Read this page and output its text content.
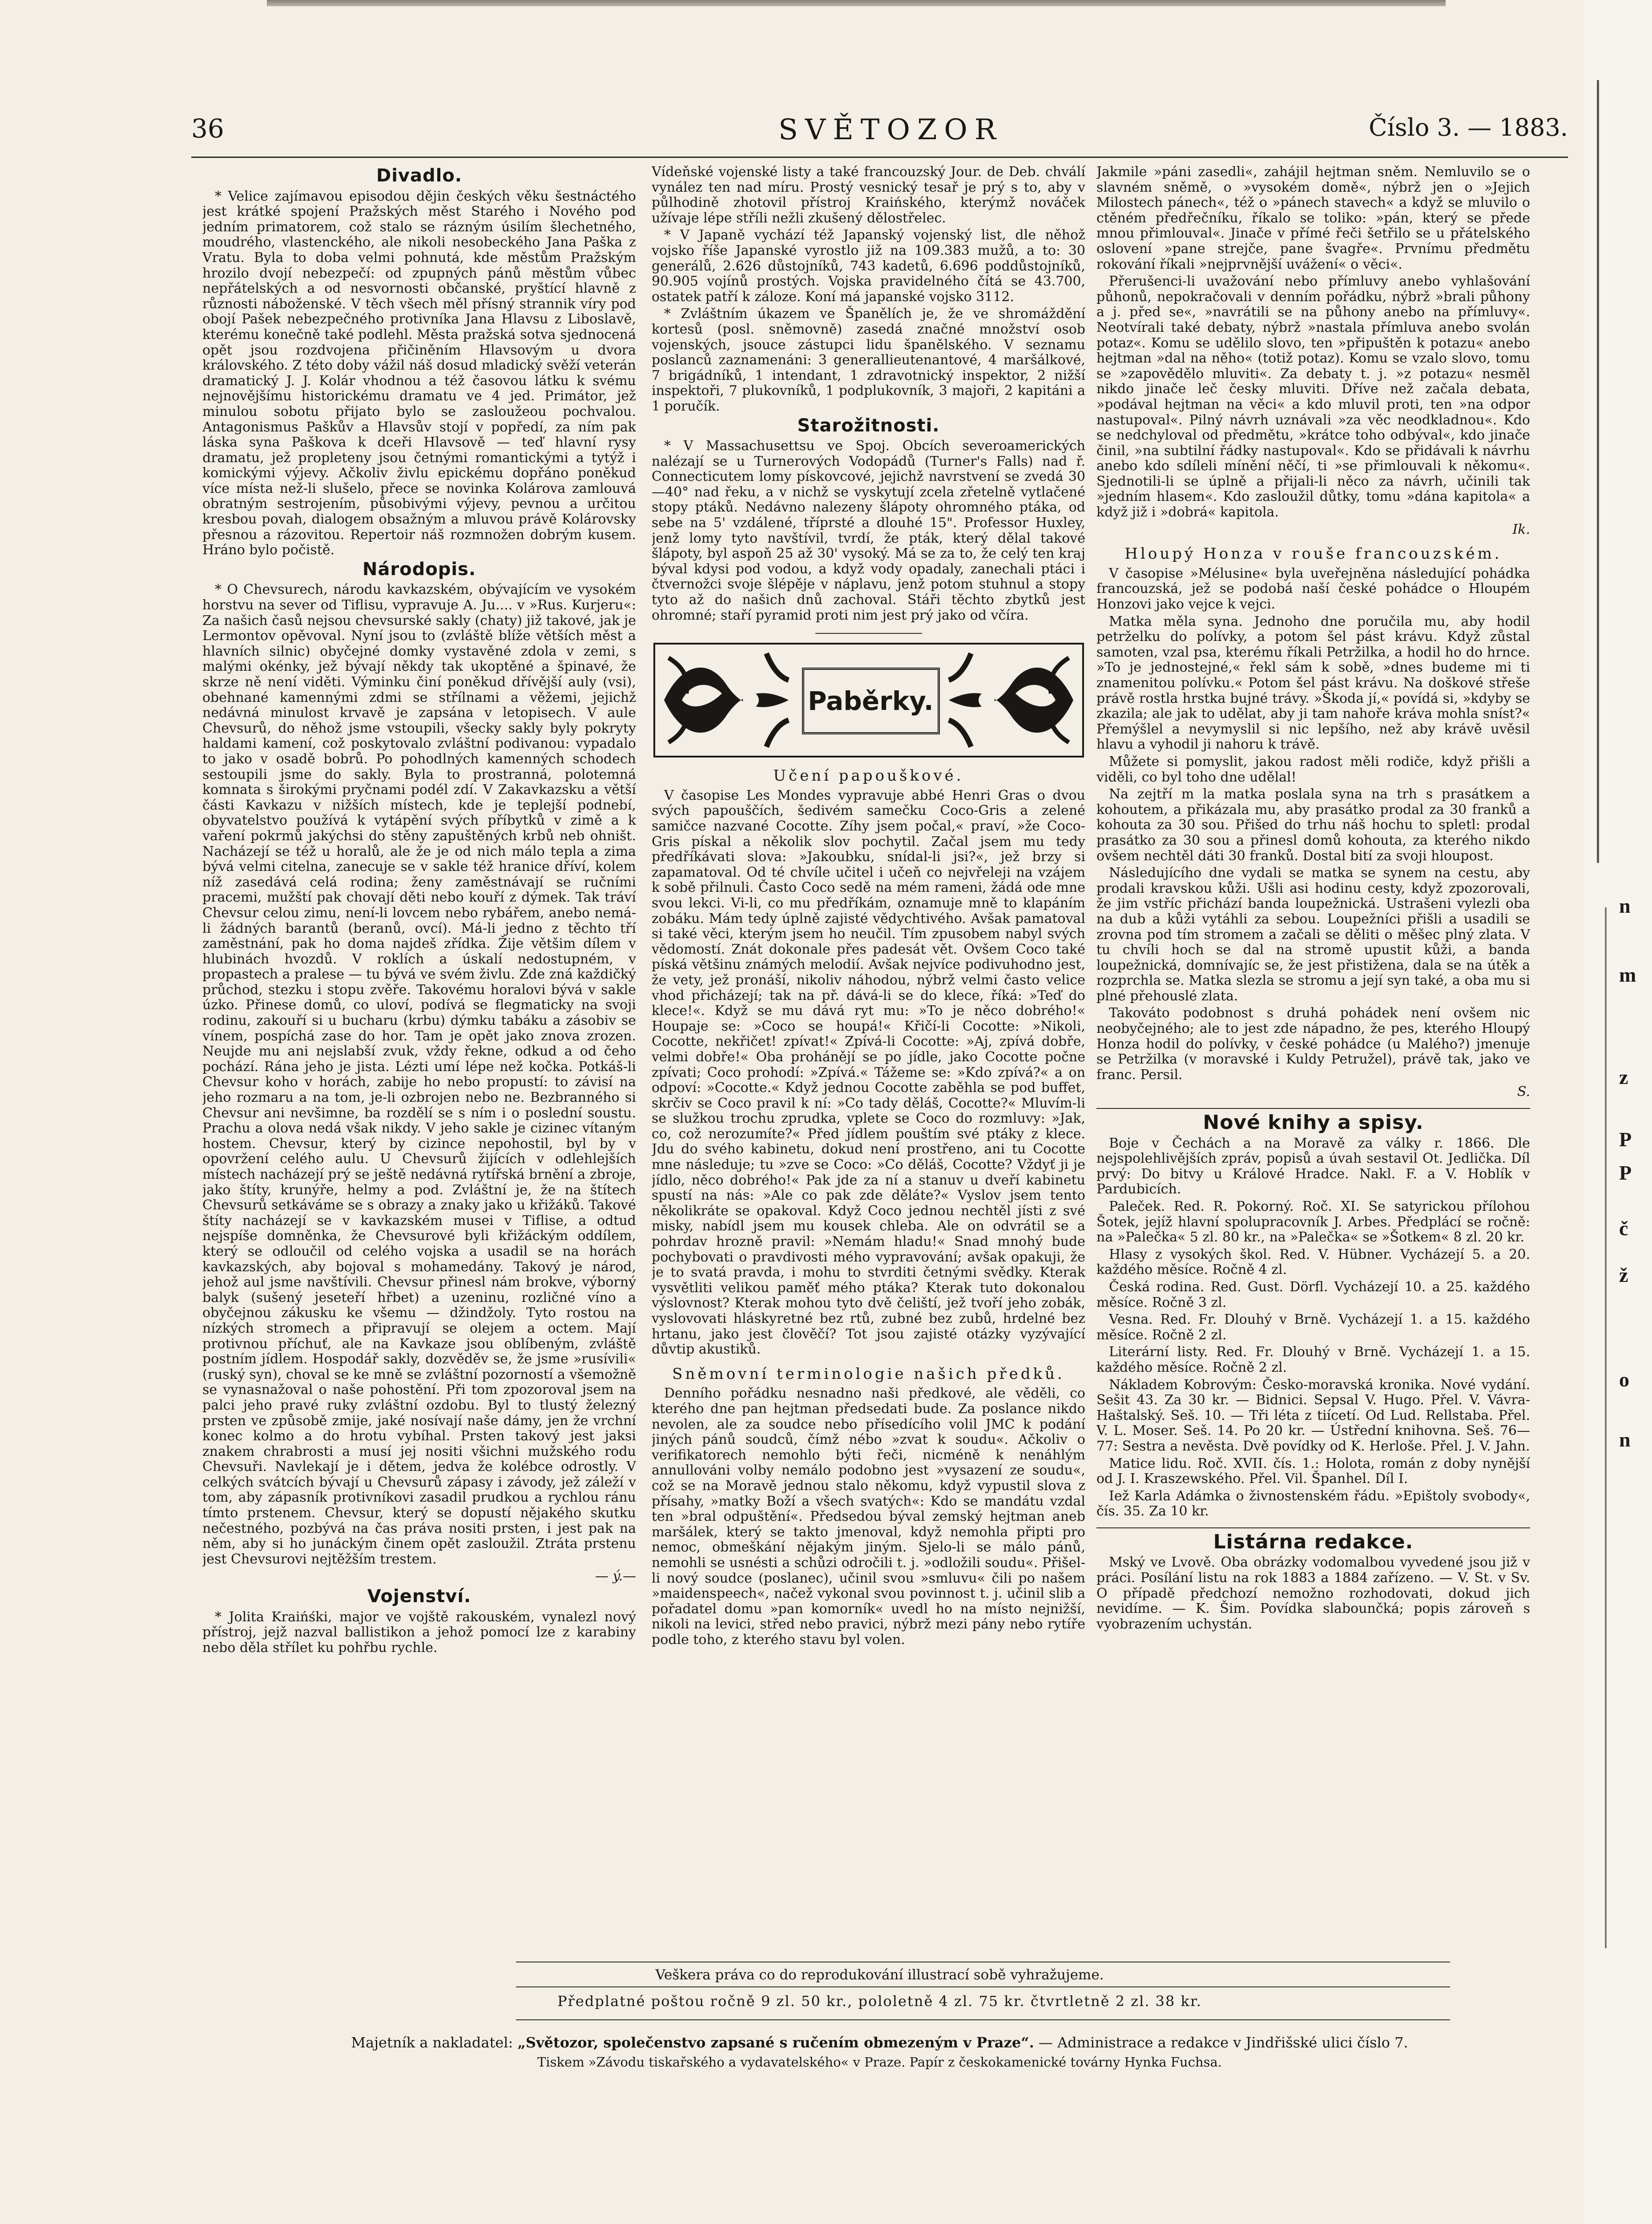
36	SVĚTOZOR	Číslo 3. — 1883.
Divadlo.

* Velice zajímavou episodou dějin českých věku šestnáctého jest krátké spojení Pražských měst Starého i Nového pod jedním primatorem, což stalo se rázným úsilím šlechetného, moudrého, vlastenckého, ale nikoli nesobeckého Jana Paška z Vratu. Byla to doba velmi pohnutá, kde městům Pražským hrozilo dvojí nebezpečí: od zpupných pánů městům vůbec nepřátelských a od nesvornosti občanské, pryštící hlavně z různosti náboženské. V těch všech měl přísný strannik víry pod obojí Pašek nebezpečného protivníka Jana Hlavsu z Liboslavě, kterému konečně také podlehl. Města pražská sotva sjednocená opět jsou rozdvojena přičiněním Hlavsovým u dvora královského. Z této doby vážil náš dosud mladický svěží veterán dramatický J. J. Kolár vhodnou a též časovou látku k svému nejnovějšímu historickému dramatu ve 4 jed. Primátor, jež minulou sobotu přijato bylo se zasloužeou pochvalou. Antagonismus Paškův a Hlavsův stojí v popředí, za ním pak láska syna Paškova k dceři Hlavsově — teď hlavní rysy dramatu, jež propleteny jsou četnými romantickými a tytýž i komickými výjevy. Ačkoliv živlu epickému dopřáno poněkud více místa než-li slušelo, přece se novinka Kolárova zamlouvá obratným sestrojením, působivými výjevy, pevnou a určitou kresbou povah, dialogem obsažným a mluvou právě Kolárovsky přesnou a rázovitou. Repertoir náš rozmnožen dobrým kusem. Hráno bylo počistě.

Národopis.

* O Chevsurech, národu kavkazském, obývajícím ve vysokém horstvu na sever od Tiflisu, vypravuje A. Ju.... v »Rus. Kurjeru«: Za našich časů nejsou chevsurské sakly (chaty) již takové, jak je Lermontov opěvoval. Nyní jsou to (zvláště blíže větších měst a hlavních silnic) obyčejné domky vystavěné zdola v zemi, s malými okénky, jež bývají někdy tak ukoptěné a špinavé, že skrze ně není viděti. Výminku činí poněkud dřívější auly (vsi), obehnané kamennými zdmi se střílnami a věžemi, jejichž nedávná minulost krvavě je zapsána v letopisech. V aule Chevsurů, do něhož jsme vstoupili, všecky sakly byly pokryty haldami kamení, což poskytovalo zvláštní podivanou: vypadalo to jako v osadě bobrů. Po pohodlných kamenných schodech sestoupili jsme do sakly. Byla to prostranná, polotemná komnata s širokými pryčnami podél zdí. V Zakavkazsku a větší části Kavkazu v nižších místech, kde je teplejší podnebí, obyvatelstvo používá k vytápění svých příbytků v zimě a k vaření pokrmů jakýchsi do stěny zapuštěných krbů neb ohništ. Nacházejí se též u horalů, ale že je od nich málo tepla a zima bývá velmi citelna, zanecuje se v sakle též hranice dříví, kolem níž zasedává celá rodina; ženy zaměstnávají se ručními pracemi, mužští pak chovají děti nebo kouří z dýmek. Tak tráví Chevsur celou zimu, není-li lovcem nebo rybářem, anebo nemá-li žádných barantů (beranů, ovcí). Má-li jedno z těchto tří zaměstnání, pak ho doma najdeš zřídka. Žije většim dílem v hlubinách hvozdů. V roklích a úskalí nedostupném, v propastech a pralese — tu bývá ve svém živlu. Zde zná každičký průchod, stezku i stopu zvěře. Takovému horalovi bývá v sakle úzko. Přinese domů, co uloví, podívá se flegmaticky na svoji rodinu, zakouří si u bucharu (krbu) dýmku tabáku a zásobiv se vínem, pospíchá zase do hor. Tam je opět jako znova zrozen. Neujde mu ani nejslabší zvuk, vždy řekne, odkud a od čeho pochází. Rána jeho je jista. Lézti umí lépe než kočka. Potkáš-li Chevsur koho v horách, zabije ho nebo propustí: to závisí na jeho rozmaru a na tom, je-li ozbrojen nebo ne. Bezbranného si Chevsur ani nevšimne, ba rozdělí se s ním i o poslední soustu. Prachu a olova nedá však nikdy. V jeho sakle je cizinec vítaným hostem. Chevsur, který by cizince nepohostil, byl by v opovržení celého aulu. U Chevsurů žijících v odlehlejších místech nacházejí prý se ještě nedávná rytířská brnění a zbroje, jako štíty, krunýře, helmy a pod. Zvláštní je, že na štítech Chevsurů setkáváme se s obrazy a znaky jako u křižáků. Takové štíty nacházejí se v kavkazském musei v Tiflise, a odtud nejspíše domněnka, že Chevsurové byli křižáckým oddílem, který se odloučil od celého vojska a usadil se na horách kavkazských, aby bojoval s mohamedány. Takový je národ, jehož aul jsme navštívili. Chevsur přinesl nám brokve, výborný balyk (sušený jeseteří hřbet) a uzeninu, rozličné víno a obyčejnou zákusku ke všemu — džindžoly. Tyto rostou na nízkých stromech a připravují se olejem a octem. Mají protivnou příchuť, ale na Kavkaze jsou oblíbeným, zvláště postním jídlem. Hospodář sakly, dozvěděv se, že jsme »rusívili« (ruský syn), choval se ke mně se zvláštní pozorností a všemožně se vynasnažoval o naše pohostění. Při tom zpozoroval jsem na palci jeho pravé ruky zvláštní ozdobu. Byl to tlustý železný prsten ve způsobě zmije, jaké nosívají naše dámy, jen že vrchní konec kolmo a do hrotu vybíhal. Prsten takový jest jaksi znakem chrabrosti a musí jej nositi všichni mužského rodu Chevsuři. Navlekají je i dětem, jedva že kolébce odrostly. V celkých svátcích bývají u Chevsurů zápasy i závody, jež záleží v tom, aby zápasník protivníkovi zasadil prudkou a rychlou ránu tímto prstenem. Chevsur, který se dopustí nějakého skutku nečestného, pozbývá na čas práva nositi prsten, i jest pak na něm, aby si ho junáckým činem opět zasloužil. Ztráta prstenu jest Chevsurovi nejtěžším trestem.

— ý.—
Vojenství.

* Jolita Kraińśki, major ve vojště rakouském, vynalezl nový přístroj, jejž nazval ballistikon a jehož pomocí lze z karabiny nebo děla střílet ku pohřbu rychle.

Vídeňské vojenské listy a také francouzský Jour. de Deb. chválí vynález ten nad míru. Prostý vesnický tesař je prý s to, aby v půlhodině zhotovil přístroj Kraińského, kterýmž nováček užívaje lépe stříli nežli zkušený dělostřelec.

* V Japaně vychází též Japanský vojenský list, dle něhož vojsko říše Japanské vyrostlo již na 109.383 mužů, a to: 30 generálů, 2.626 důstojníků, 743 kadetů, 6.696 poddůstojníků, 90.905 vojínů prostých. Vojska pravidelného čítá se 43.700, ostatek patří k záloze. Koní má japanské vojsko 3112.

* Zvláštním úkazem ve Španělích je, že ve shromáždění kortesů (posl. sněmovně) zasedá značné množství osob vojenských, jsouce zástupci lidu španělského. V seznamu poslanců zaznamenáni: 3 generallieutenantové, 4 maršálkové, 7 brigádníků, 1 intendant, 1 zdravotnický inspektor, 2 nižší inspektoři, 7 plukovníků, 1 podplukovník, 3 majoři, 2 kapitáni a 1 poručík.

Starožitnosti.

* V Massachusettsu ve Spoj. Obcích severoamerických nalézají se u Turnerových Vodopádů (Turner's Falls) nad ř. Connecticutem lomy pískovcové, jejichž navrstvení se zvedá 30—40° nad řeku, a v nichž se vyskytují zcela zřetelně vytlačené stopy ptáků. Nedávno nalezeny šlápoty ohromného ptáka, od sebe na 5' vzdálené, tříprsté a dlouhé 15". Professor Huxley, jenž lomy tyto navštívil, tvrdí, že pták, který dělal takové šlápoty, byl aspoň 25 až 30' vysoký. Má se za to, že celý ten kraj býval kdysi pod vodou, a když vody opadaly, zanechali ptáci i čtvernožci svoje šlépěje v náplavu, jenž potom stuhnul a stopy tyto až do našich dnů zachoval. Stáři těchto zbytků jest ohromné; staří pyramid proti nim jest prý jako od včíra.

Paběrky.
Učení papouškové.

V časopise Les Mondes vypravuje abbé Henri Gras o dvou svých papouščích, šedivém samečku Coco-Gris a zelené samičce nazvané Cocotte. Zíhy jsem počal,« praví, »že Coco-Gris pískal a několik slov pochytil. Začal jsem mu tedy předříkávati slova: »Jakoubku, snídal-li jsi?«, jež brzy si zapamatoval. Od té chvíle učitel i učeň co nejvřeleji na vzájem k sobě přilnuli. Často Coco sedě na mém rameni, žádá ode mne svou lekci. Vi-li, co mu předříkám, oznamuje mně to klapáním zobáku. Mám tedy úplně zajisté vědychtivého. Avšak pamatoval si také věci, kterým jsem ho neučil. Tím zpusobem nabyl svých vědomostí. Znát dokonale přes padesát vět. Ovšem Coco také píská většinu známých melodií. Avšak nejvíce podivuhodno jest, že vety, jež pronáší, nikoliv náhodou, nýbrž velmi často velice vhod přicházejí; tak na př. dává-li se do klece, říká: »Teď do klece!«. Když se mu dává ryt mu: »To je něco dobrého!« Houpaje se: »Coco se houpá!« Křičí-li Cocotte: »Nikoli, Cocotte, nekřičet! zpívat!« Zpívá-li Cocotte: »Aj, zpívá dobře, velmi dobře!« Oba prohánějí se po jídle, jako Cocotte počne zpívati; Coco prohodí: »Zpívá.« Tážeme se: »Kdo zpívá?« a on odpoví: »Cocotte.« Když jednou Cocotte zaběhla se pod buffet, skrčiv se Coco pravil k ní: »Co tady děláš, Cocotte?« Mluvím-li se služkou trochu zprudka, vplete se Coco do rozmluvy: »Jak, co, což nerozumíte?« Před jídlem pouštím své ptáky z klece. Jdu do svého kabinetu, dokud není prostřeno, ani tu Cocotte mne následuje; tu »zve se Coco: »Co děláš, Cocotte? Vždyť ji je jídlo, něco dobrého!« Pak jde za ní a stanuv u dveří kabinetu spustí na nás: »Ale co pak zde děláte?« Vyslov jsem tento několikráte se opakoval. Když Coco jednou nechtěl jísti z své misky, nabídl jsem mu kousek chleba. Ale on odvrátil se a pohrdav hrozně pravil: »Nemám hladu!« Snad mnohý bude pochybovati o pravdivosti mého vypravování; avšak opakuji, že je to svatá pravda, i mohu to stvrditi četnými svědky. Kterak vysvětliti velikou paměť mého ptáka? Kterak tuto dokonalou výslovnost? Kterak mohou tyto dvě čeliští, jež tvoří jeho zobák, vyslovovati hláskyretné bez rtů, zubné bez zubů, hrdelné bez hrtanu, jako jest člověčí? Tot jsou zajisté otázky vyzývající důvtip akustiků.

Sněmovní terminologie našich předků.

Denního pořádku nesnadno naši předkové, ale věděli, co kterého dne pan hejtman předsedati bude. Za poslance nikdo nevolen, ale za soudce nebo přísedícího volil JMC k podání jiných pánů soudců, čímž nébo »zvat k soudu«. Ačkoliv o verifikatorech nemohlo býti řeči, nicméně k nenáhlým annullováni volby nemálo podobno jest »vysazení ze soudu«, což se na Moravě jednou stalo někomu, když vypustil slova z přísahy, »matky Boží a všech svatých«: Kdo se mandátu vzdal ten »bral odpuštění«. Předsedou býval zemský hejtman aneb maršálek, který se takto jmenoval, když nemohla připti pro nemoc, obmeškání nějakým jiným. Sjelo-li se málo pánů, nemohli se usnésti a schůzi odročili t. j. »odložili soudu«. Přišel-li nový soudce (poslanec), učinil svou »smluvu« čili po našem »maidenspeech«, načež vykonal svou povinnost t. j. učinil slib a pořadatel domu »pan komorník« uvedl ho na místo nejnižší, nikoli na levici, střed nebo pravici, nýbrž mezi pány nebo rytíře podle toho, z kterého stavu byl volen.

Jakmile »páni zasedli«, zahájil hejtman sněm. Nemluvilo se o slavném sněmě, o »vysokém domě«, nýbrž jen o »Jejich Milostech pánech«, též o »pánech stavech« a když se mluvilo o ctěném předřečníku, říkalo se toliko: »pán, který se přede mnou přimlouval«. Jinače v přímé řeči šetřilo se u přátelského oslovení »pane strejče, pane švagře«. Prvnímu předmětu rokování říkali »nejprvnější uvážení« o věci«.

Přerušenci-li uvažování nebo přímluvy anebo vyhlašování půhonů, nepokračovali v denním pořádku, nýbrž »brali půhony a j. před se«, »navrátili se na půhony anebo na přímluvy«. Neotvírali také debaty, nýbrž »nastala přímluva anebo svolán potaz«. Komu se udělilo slovo, ten »připuštěn k potazu« anebo hejtman »dal na něho« (totiž potaz). Komu se vzalo slovo, tomu se »zapovědělo mluviti«. Za debaty t. j. »z potazu« nesměl nikdo jinače leč česky mluviti. Dříve než začala debata, »podával hejtman na věci« a kdo mluvil proti, ten »na odpor nastupoval«. Pilný návrh uznávali »za věc neodkladnou«. Kdo se nedchyloval od předmětu, »krátce toho odbýval«, kdo jinače činil, »na subtilní řádky nastupoval«. Kdo se přidávali k návrhu anebo kdo sdíleli mínění něčí, ti »se přimlouvali k někomu«. Sjednotili-li se úplně a přijali-li něco za návrh, učinili tak »jedním hlasem«. Kdo zasloužil důtky, tomu »dána kapitola« a když již i »dobrá« kapitola.

Ik.
Hloupý Honza v rouše francouzském.

V časopise »Mélusine« byla uveřejněna následující pohádka francouzská, jež se podobá naší české pohádce o Hloupém Honzovi jako vejce k vejci.

Matka měla syna. Jednoho dne poručila mu, aby hodil petrželku do polívky, a potom šel pást krávu. Když zůstal samoten, vzal psa, kterému říkali Petržilka, a hodil ho do hrnce. »To je jednostejné,« řekl sám k sobě, »dnes budeme mi ti znamenitou polívku.« Potom šel pást krávu. Na doškové střeše právě rostla hrstka bujné trávy. »Škoda jí,« povídá si, »kdyby se zkazila; ale jak to udělat, aby ji tam nahoře kráva mohla sníst?« Přemýšlel a nevymyslil si nic lepšího, než aby krávě uvěsil hlavu a vyhodil ji nahoru k trávě.

Můžete si pomyslit, jakou radost měli rodiče, když přišli a viděli, co byl toho dne udělal!

Na zejtří m la matka poslala syna na trh s prasátkem a kohoutem, a přikázala mu, aby prasátko prodal za 30 franků a kohouta za 30 sou. Přišed do trhu náš hochu to spletl: prodal prasátko za 30 sou a přinesl domů kohouta, za kterého nikdo ovšem nechtěl dáti 30 franků. Dostal bití za svoji hloupost.

Následujícího dne vydali se matka se synem na cestu, aby prodali kravskou kůži. Ušli asi hodinu cesty, když zpozorovali, že jim vstříc přichází banda loupežnická. Ustrašeni vylezli oba na dub a kůži vytáhli za sebou. Loupežníci přišli a usadili se zrovna pod tím stromem a začali se děliti o měšec plný zlata. V tu chvíli hoch se dal na stromě upustit kůži, a banda loupežnická, domnívajíc se, že jest přistižena, dala se na útěk a rozprchla se. Matka slezla se stromu a její syn také, a oba mu si plné přehouslé zlata.

Takováto podobnost s druhá pohádek není ovšem nic neobyčejného; ale to jest zde nápadno, že pes, kterého Hloupý Honza hodil do polívky, v české pohádce (u Malého?) jmenuje se Petržilka (v moravské i Kuldy Petružel), právě tak, jako ve franc. Persil.

S.
Nové knihy a spisy.

Boje v Čechách a na Moravě za války r. 1866. Dle nejspolehlivějších zpráv, popisů a úvah sestavil Ot. Jedlička. Díl prvý: Do bitvy u Králové Hradce. Nakl. F. a V. Hoblík v Pardubicích.

Paleček. Red. R. Pokorný. Roč. XI. Se satyrickou přílohou Šotek, jejíž hlavní spolupracovník J. Arbes. Předplácí se ročně: na »Palečka« 5 zl. 80 kr., na »Palečka« se »Šotkem« 8 zl. 20 kr.

Hlasy z vysokých škol. Red. V. Hübner. Vycházejí 5. a 20. každého měsíce. Ročně 4 zl.

Česká rodina. Red. Gust. Dörfl. Vycházejí 10. a 25. každého měsíce. Ročně 3 zl.

Vesna. Red. Fr. Dlouhý v Brně. Vycházejí 1. a 15. každého měsíce. Ročně 2 zl.

Literární listy. Red. Fr. Dlouhý v Brně. Vycházejí 1. a 15. každého měsíce. Ročně 2 zl.

Nákladem Kobrovým: Česko-moravská kronika. Nové vydání. Sešit 43. Za 30 kr. — Bidnici. Sepsal V. Hugo. Přel. V. Vávra-Haštalský. Seš. 10. — Tři léta z tiícetí. Od Lud. Rellstaba. Přel. V. L. Moser. Seš. 14. Po 20 kr. — Ústřední knihovna. Seš. 76—77: Sestra a nevěsta. Dvě povídky od K. Herloše. Přel. J. V. Jahn.

Matice lidu. Roč. XVII. čís. 1.: Holota, román z doby nynější od J. I. Kraszewského. Přel. Vil. Španhel. Díl I.

Iež Karla Adámka o živnostenském řádu. »Epištoly svobody«, čís. 35. Za 10 kr.

Listárna redakce.

Mský ve Lvově. Oba obrázky vodomalbou vyvedené jsou již v práci. Posílání listu na rok 1883 a 1884 zařízeno. — V. St. v Sv. O případě předchozí nemožno rozhodovati, dokud jich nevidíme. — K. Šim. Povídka slabounčká; popis zároveň s vyobrazením uchystán.

Veškera práva co do reprodukování illustrací sobě vyhražujeme.
Předplatné poštou ročně 9 zl. 50 kr., pololetně 4 zl. 75 kr. čtvrtletně 2 zl. 38 kr.
Majetník a nakladatel: „Světozor, společenstvo zapsané s ručením obmezeným v Praze“. — Administrace a redakce v Jindřišské ulici číslo 7.
Tiskem »Závodu tiskařského a vydavatelského« v Praze. Papír z českokamenické továrny Hynka Fuchsa.
n
m
z
P
P
č
ž
o
n
